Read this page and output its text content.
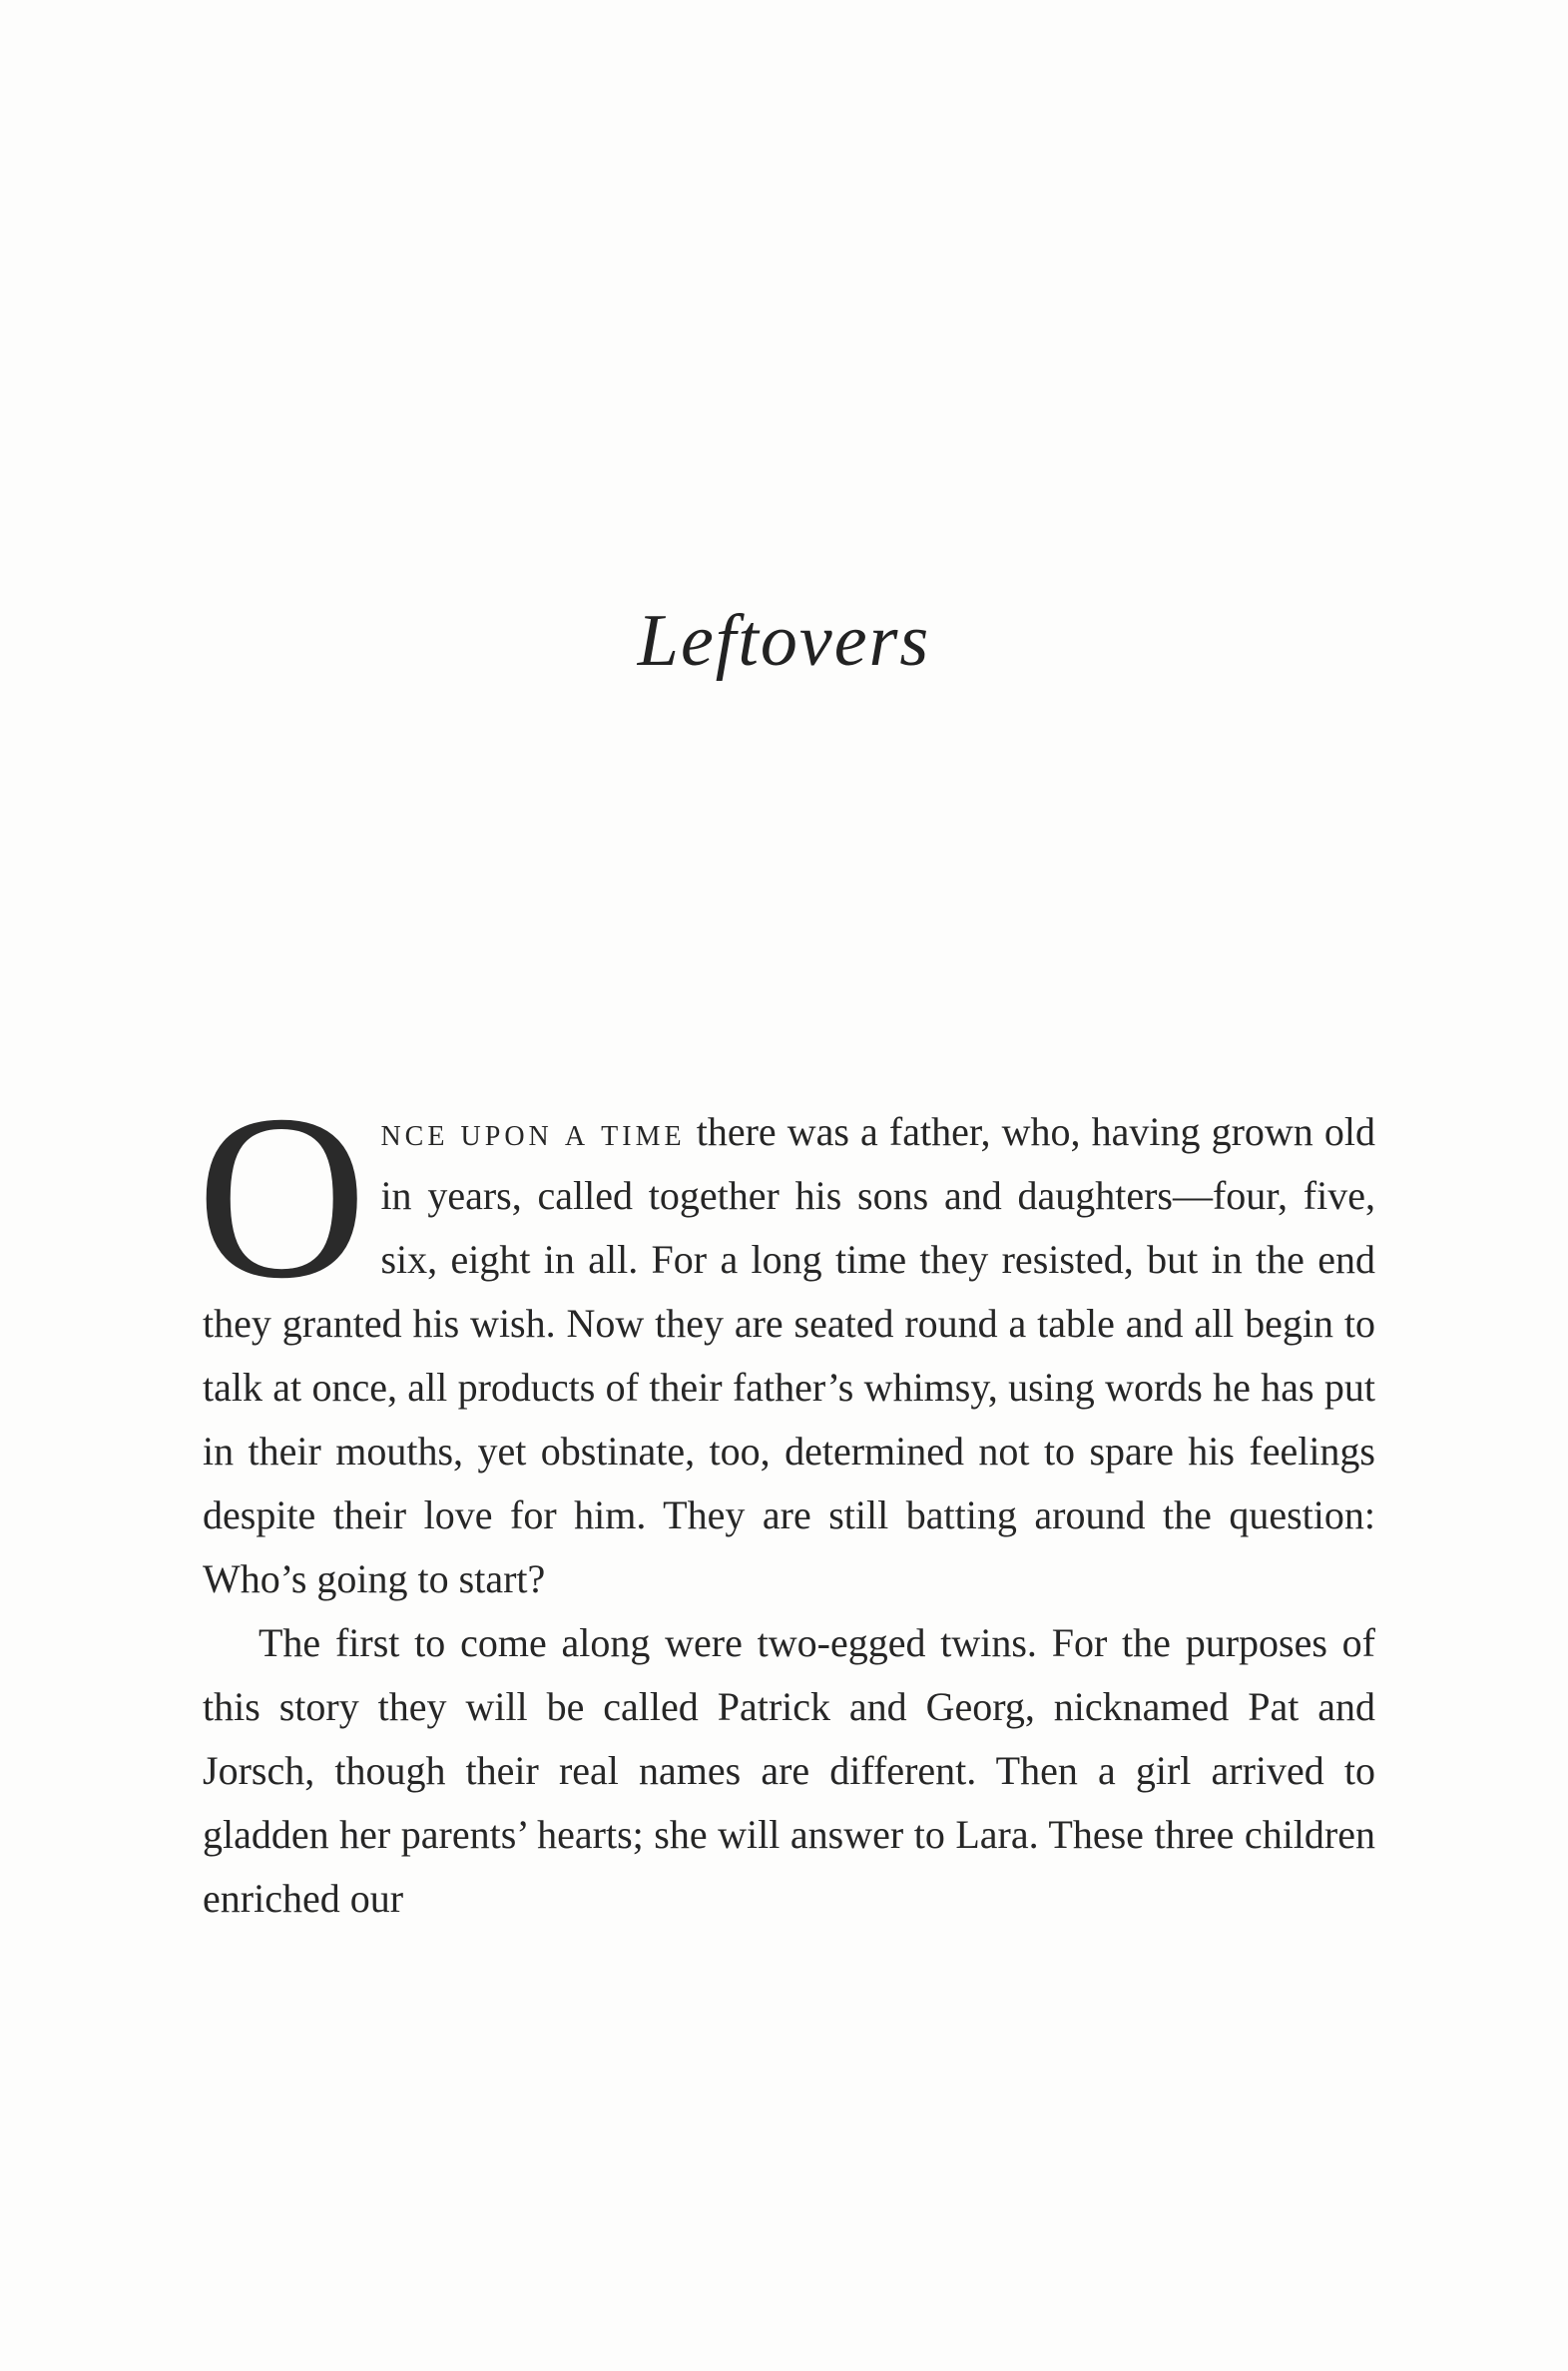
Leftovers

Once upon a time there was a father, who, having grown old in years, called together his sons and daughters—four, five, six, eight in all. For a long time they resisted, but in the end they granted his wish. Now they are seated round a table and all begin to talk at once, all products of their father’s whimsy, using words he has put in their mouths, yet obstinate, too, determined not to spare his feelings despite their love for him. They are still batting around the question: Who’s going to start?

The first to come along were two-egged twins. For the purposes of this story they will be called Patrick and Georg, nicknamed Pat and Jorsch, though their real names are different. Then a girl arrived to gladden her parents’ hearts; she will answer to Lara. These three children enriched our
